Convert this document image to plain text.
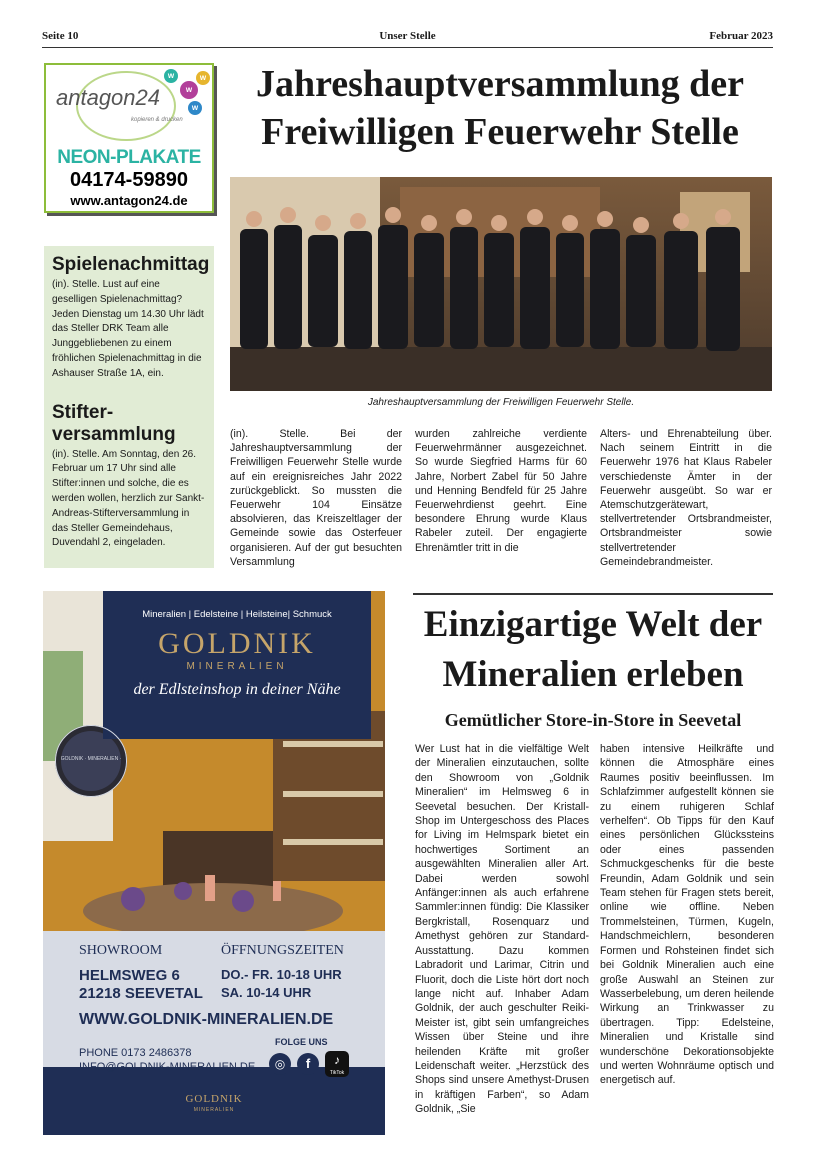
Seite 10	Unser Stelle	Februar 2023
antagon24
kopieren & drucken
w
w
w
w
NEON-PLAKATE
04174-59890
www.antagon24.de
Spielenachmittag

(in). Stelle. Lust auf eine geselligen Spielenachmittag? Jeden Dienstag um 14.30 Uhr lädt das Steller DRK Team alle Junggebliebenen zu einem fröhlichen Spielenachmittag in die Ashauser Straße 1A, ein.

Stifter-versammlung

(in). Stelle. Am Sonntag, den 26. Februar um 17 Uhr sind alle Stifter:innen und solche, die es werden wollen, herzlich zur Sankt-Andreas-Stifterversammlung in das Steller Gemeindehaus, Duvendahl 2, eingeladen.

Jahreshauptversammlung der Freiwilligen Feuerwehr Stelle
Jahreshauptversammlung der Freiwilligen Feuerwehr Stelle.
(in). Stelle. Bei der Jahreshauptversammlung der Freiwilligen Feuerwehr Stelle wurde auf ein ereignisreiches Jahr 2022 zurückgeblickt. So mussten die Feuerwehr 104 Einsätze absolvieren, das Kreiszeltlager der Gemeinde sowie das Osterfeuer organisieren. Auf der gut besuchten Versammlung
wurden zahlreiche verdiente Feuerwehrmänner ausgezeichnet. So wurde Siegfried Harms für 60 Jahre, Norbert Zabel für 50 Jahre und Henning Bendfeld für 25 Jahre Feuerwehrdienst geehrt. Eine besondere Ehrung wurde Klaus Rabeler zuteil. Der engagierte Ehrenämtler tritt in die
Alters- und Ehrenabteilung über. Nach seinem Eintritt in die Feuerwehr 1976 hat Klaus Rabeler verschiedenste Ämter in der Feuerwehr ausgeübt. So war er Atemschutzgerätewart, stellvertretender Ortsbrandmeister, Ortsbrandmeister sowie stellvertretender Gemeindebrandmeister.
Mineralien | Edelsteine | Heilsteine| Schmuck
GOLDNIK
MINERALIEN
der Edlsteinshop in deiner Nähe
GOLDNIK · MINERALIEN ·
SHOWROOM
HELMSWEG 6
21218 SEEVETAL
ÖFFNUNGSZEITEN
DO.- FR. 10-18 UHR
SA. 10-14 UHR
WWW.GOLDNIK-MINERALIEN.DE
PHONE 0173 2486378
INFO@GOLDNIK-MINERALIEN.DE
FOLGE UNS
◎	f	♪
TikTok
GOLDNIK
MINERALIEN
Einzigartige Welt der Mineralien erleben
Gemütlicher Store-in-Store in Seevetal
Wer Lust hat in die vielfältige Welt der Mineralien einzutauchen, sollte den Showroom von „Goldnik Mineralien“ im Helmsweg 6 in Seevetal besuchen. Der Kristall-Shop im Untergeschoss des Places for Living im Helmspark bietet ein hochwertiges Sortiment an ausgewählten Mineralien aller Art. Dabei werden sowohl Anfänger:innen als auch erfahrene Sammler:innen fündig: Die Klassiker Bergkristall, Rosenquarz und Amethyst gehören zur Standard-Ausstattung. Dazu kommen Labradorit und Larimar, Citrin und Fluorit, doch die Liste hört dort noch lange nicht auf. Inhaber Adam Goldnik, der auch geschulter Reiki-Meister ist, gibt sein umfangreiches Wissen über Steine und ihre heilenden Kräfte mit großer Leidenschaft weiter. „Herzstück des Shops sind unsere Amethyst-Drusen in kräftigen Farben“, so Adam Goldnik, „Sie
haben intensive Heilkräfte und können die Atmosphäre eines Raumes positiv beeinflussen. Im Schlafzimmer aufgestellt können sie zu einem ruhigeren Schlaf verhelfen“. Ob Tipps für den Kauf eines persönlichen Glückssteins oder eines passenden Schmuckgeschenks für die beste Freundin, Adam Goldnik und sein Team stehen für Fragen stets bereit, online wie offline. Neben Trommelsteinen, Türmen, Kugeln, Handschmeichlern, besonderen Formen und Rohsteinen findet sich bei Goldnik Mineralien auch eine große Auswahl an Steinen zur Wasserbelebung, um deren heilende Wirkung an Trinkwasser zu übertragen. Tipp: Edelsteine, Mineralien und Kristalle sind wunderschöne Dekorationsobjekte und werten Wohnräume optisch und energetisch auf.
